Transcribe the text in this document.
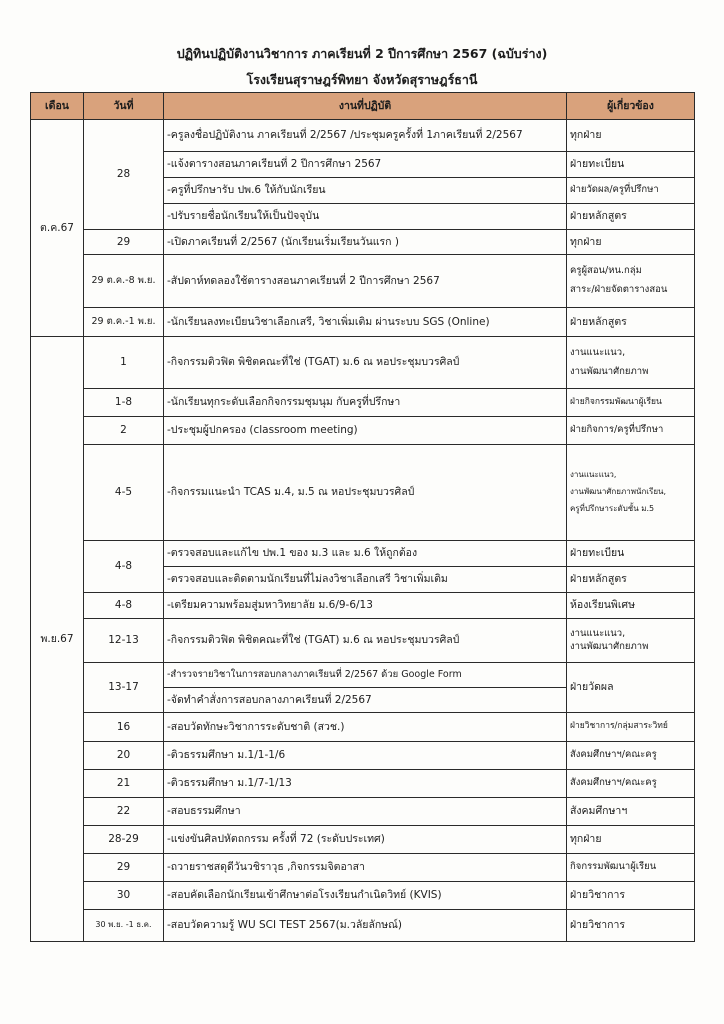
ปฏิทินปฏิบัติงานวิชาการ ภาคเรียนที่ 2 ปีการศึกษา 2567 (ฉบับร่าง)
โรงเรียนสุราษฎร์พิทยา จังหวัดสุราษฎร์ธานี
เดือน	วันที่	งานที่ปฏิบัติ	ผู้เกี่ยวข้อง
ต.ค.67	28	-ครูลงชื่อปฏิบัติงาน ภาคเรียนที่ 2/2567 /ประชุมครูครั้งที่ 1ภาคเรียนที่ 2/2567	ทุกฝ่าย
		-แจ้งตารางสอนภาคเรียนที่ 2 ปีการศึกษา 2567	ฝ่ายทะเบียน
		-ครูที่ปรึกษารับ ปพ.6 ให้กับนักเรียน	ฝ่ายวัดผล/ครูที่ปรึกษา
		-ปรับรายชื่อนักเรียนให้เป็นปัจจุบัน	ฝ่ายหลักสูตร
	29	-เปิดภาคเรียนที่ 2/2567 (นักเรียนเริ่มเรียนวันแรก )	ทุกฝ่าย
	29 ต.ค.-8 พ.ย.	-สัปดาห์ทดลองใช้ตารางสอนภาคเรียนที่ 2 ปีการศึกษา 2567	ครูผู้สอน/หน.กลุ่ม
สาระ/ฝ่ายจัดตารางสอน

	29 ต.ค.-1 พ.ย.	-นักเรียนลงทะเบียนวิชาเลือกเสรี, วิชาเพิ่มเติม ผ่านระบบ SGS (Online)	ฝ่ายหลักสูตร
พ.ย.67	1	-กิจกรรมติวฟิต พิชิตคณะที่ใช่ (TGAT) ม.6 ณ หอประชุมบวรศิลป์	งานแนะแนว,
งานพัฒนาศักยภาพ

	1-8	-นักเรียนทุกระดับเลือกกิจกรรมชุมนุม กับครูที่ปรึกษา	ฝ่ายกิจกรรมพัฒนาผู้เรียน
	2	-ประชุมผู้ปกครอง (classroom meeting)	ฝ่ายกิจการ/ครูที่ปรึกษา
	4-5	-กิจกรรมแนะนำ TCAS ม.4, ม.5 ณ หอประชุมบวรศิลป์	งานแนะแนว,
งานพัฒนาศักยภาพนักเรียน,
ครูที่ปรึกษาระดับชั้น ม.5

	4-8	-ตรวจสอบและแก้ไข ปพ.1 ของ ม.3 และ ม.6 ให้ถูกต้อง	ฝ่ายทะเบียน
		-ตรวจสอบและติดตามนักเรียนที่ไม่ลงวิชาเลือกเสรี วิชาเพิ่มเติม	ฝ่ายหลักสูตร
	4-8	-เตรียมความพร้อมสู่มหาวิทยาลัย ม.6/9-6/13	ห้องเรียนพิเศษ
	12-13	-กิจกรรมติวฟิต พิชิตคณะที่ใช่ (TGAT) ม.6 ณ หอประชุมบวรศิลป์	งานแนะแนว,
งานพัฒนาศักยภาพ

	13-17	-สำรวจรายวิชาในการสอบกลางภาคเรียนที่ 2/2567 ด้วย Google Form	ฝ่ายวัดผล
		-จัดทำคำสั่งการสอบกลางภาคเรียนที่ 2/2567	
	16	-สอบวัดทักษะวิชาการระดับชาติ (สวช.)	ฝ่ายวิชาการ/กลุ่มสาระวิทย์
	20	-ติวธรรมศึกษา ม.1/1-1/6	สังคมศึกษาฯ/คณะครู
	21	-ติวธรรมศึกษา ม.1/7-1/13	สังคมศึกษาฯ/คณะครู
	22	-สอบธรรมศึกษา	สังคมศึกษาฯ
	28-29	-แข่งขันศิลปหัตถกรรม ครั้งที่ 72 (ระดับประเทศ)	ทุกฝ่าย
	29	-ถวายราชสดุดีวันวชิราวุธ ,กิจกรรมจิตอาสา	กิจกรรมพัฒนาผู้เรียน
	30	-สอบคัดเลือกนักเรียนเข้าศึกษาต่อโรงเรียนกำเนิดวิทย์ (KVIS)	ฝ่ายวิชาการ
	30 พ.ย. -1 ธ.ค.	-สอบวัดความรู้ WU SCI TEST 2567(ม.วลัยลักษณ์)	ฝ่ายวิชาการ
